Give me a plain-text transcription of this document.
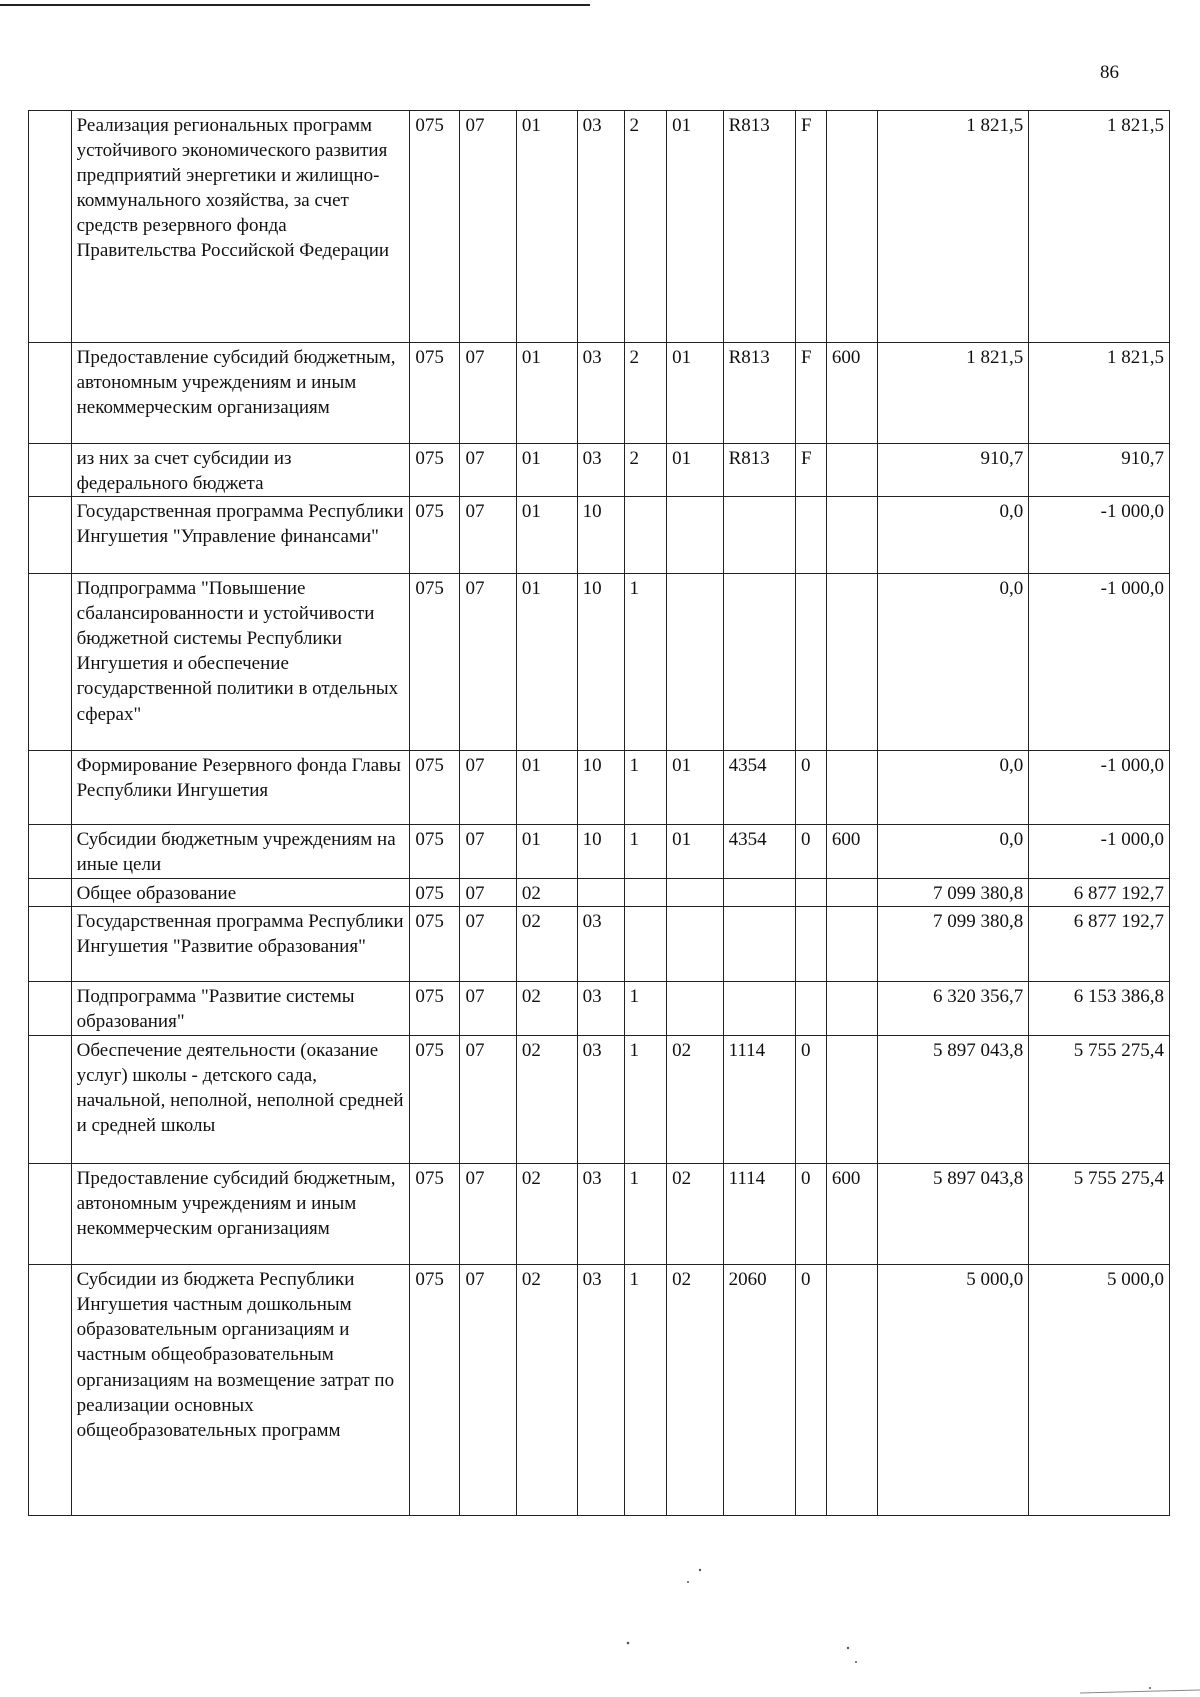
86
	Реализация региональных программ устойчивого экономического развития предприятий энергетики и жилищно-коммунального хозяйства, за счет средств резервного фонда Правительства Российской Федерации	075	07	01	03	2	01	R813	F		1 821,5	1 821,5
	Предоставление субсидий бюджетным, автономным учреждениям и иным некоммерческим организациям	075	07	01	03	2	01	R813	F	600	1 821,5	1 821,5
	из них за счет субсидии из федерального бюджета	075	07	01	03	2	01	R813	F		910,7	910,7
	Государственная программа Республики Ингушетия "Управление финансами"	075	07	01	10						0,0	-1 000,0
	Подпрограмма "Повышение сбалансированности и устойчивости бюджетной системы Республики Ингушетия и обеспечение государственной политики в отдельных сферах"	075	07	01	10	1					0,0	-1 000,0
	Формирование Резервного фонда Главы Республики Ингушетия	075	07	01	10	1	01	4354	0		0,0	-1 000,0
	Субсидии бюджетным учреждениям на иные цели	075	07	01	10	1	01	4354	0	600	0,0	-1 000,0
	Общее образование	075	07	02							7 099 380,8	6 877 192,7
	Государственная программа Республики Ингушетия "Развитие образования"	075	07	02	03						7 099 380,8	6 877 192,7
	Подпрограмма "Развитие системы образования"	075	07	02	03	1					6 320 356,7	6 153 386,8
	Обеспечение деятельности (оказание услуг) школы - детского сада, начальной, неполной, неполной средней и средней школы	075	07	02	03	1	02	1114	0		5 897 043,8	5 755 275,4
	Предоставление субсидий бюджетным, автономным учреждениям и иным некоммерческим организациям	075	07	02	03	1	02	1114	0	600	5 897 043,8	5 755 275,4
	Субсидии из бюджета Республики Ингушетия частным дошкольным образовательным организациям и частным общеобразовательным организациям на возмещение затрат по реализации основных общеобразовательных программ	075	07	02	03	1	02	2060	0		5 000,0	5 000,0
